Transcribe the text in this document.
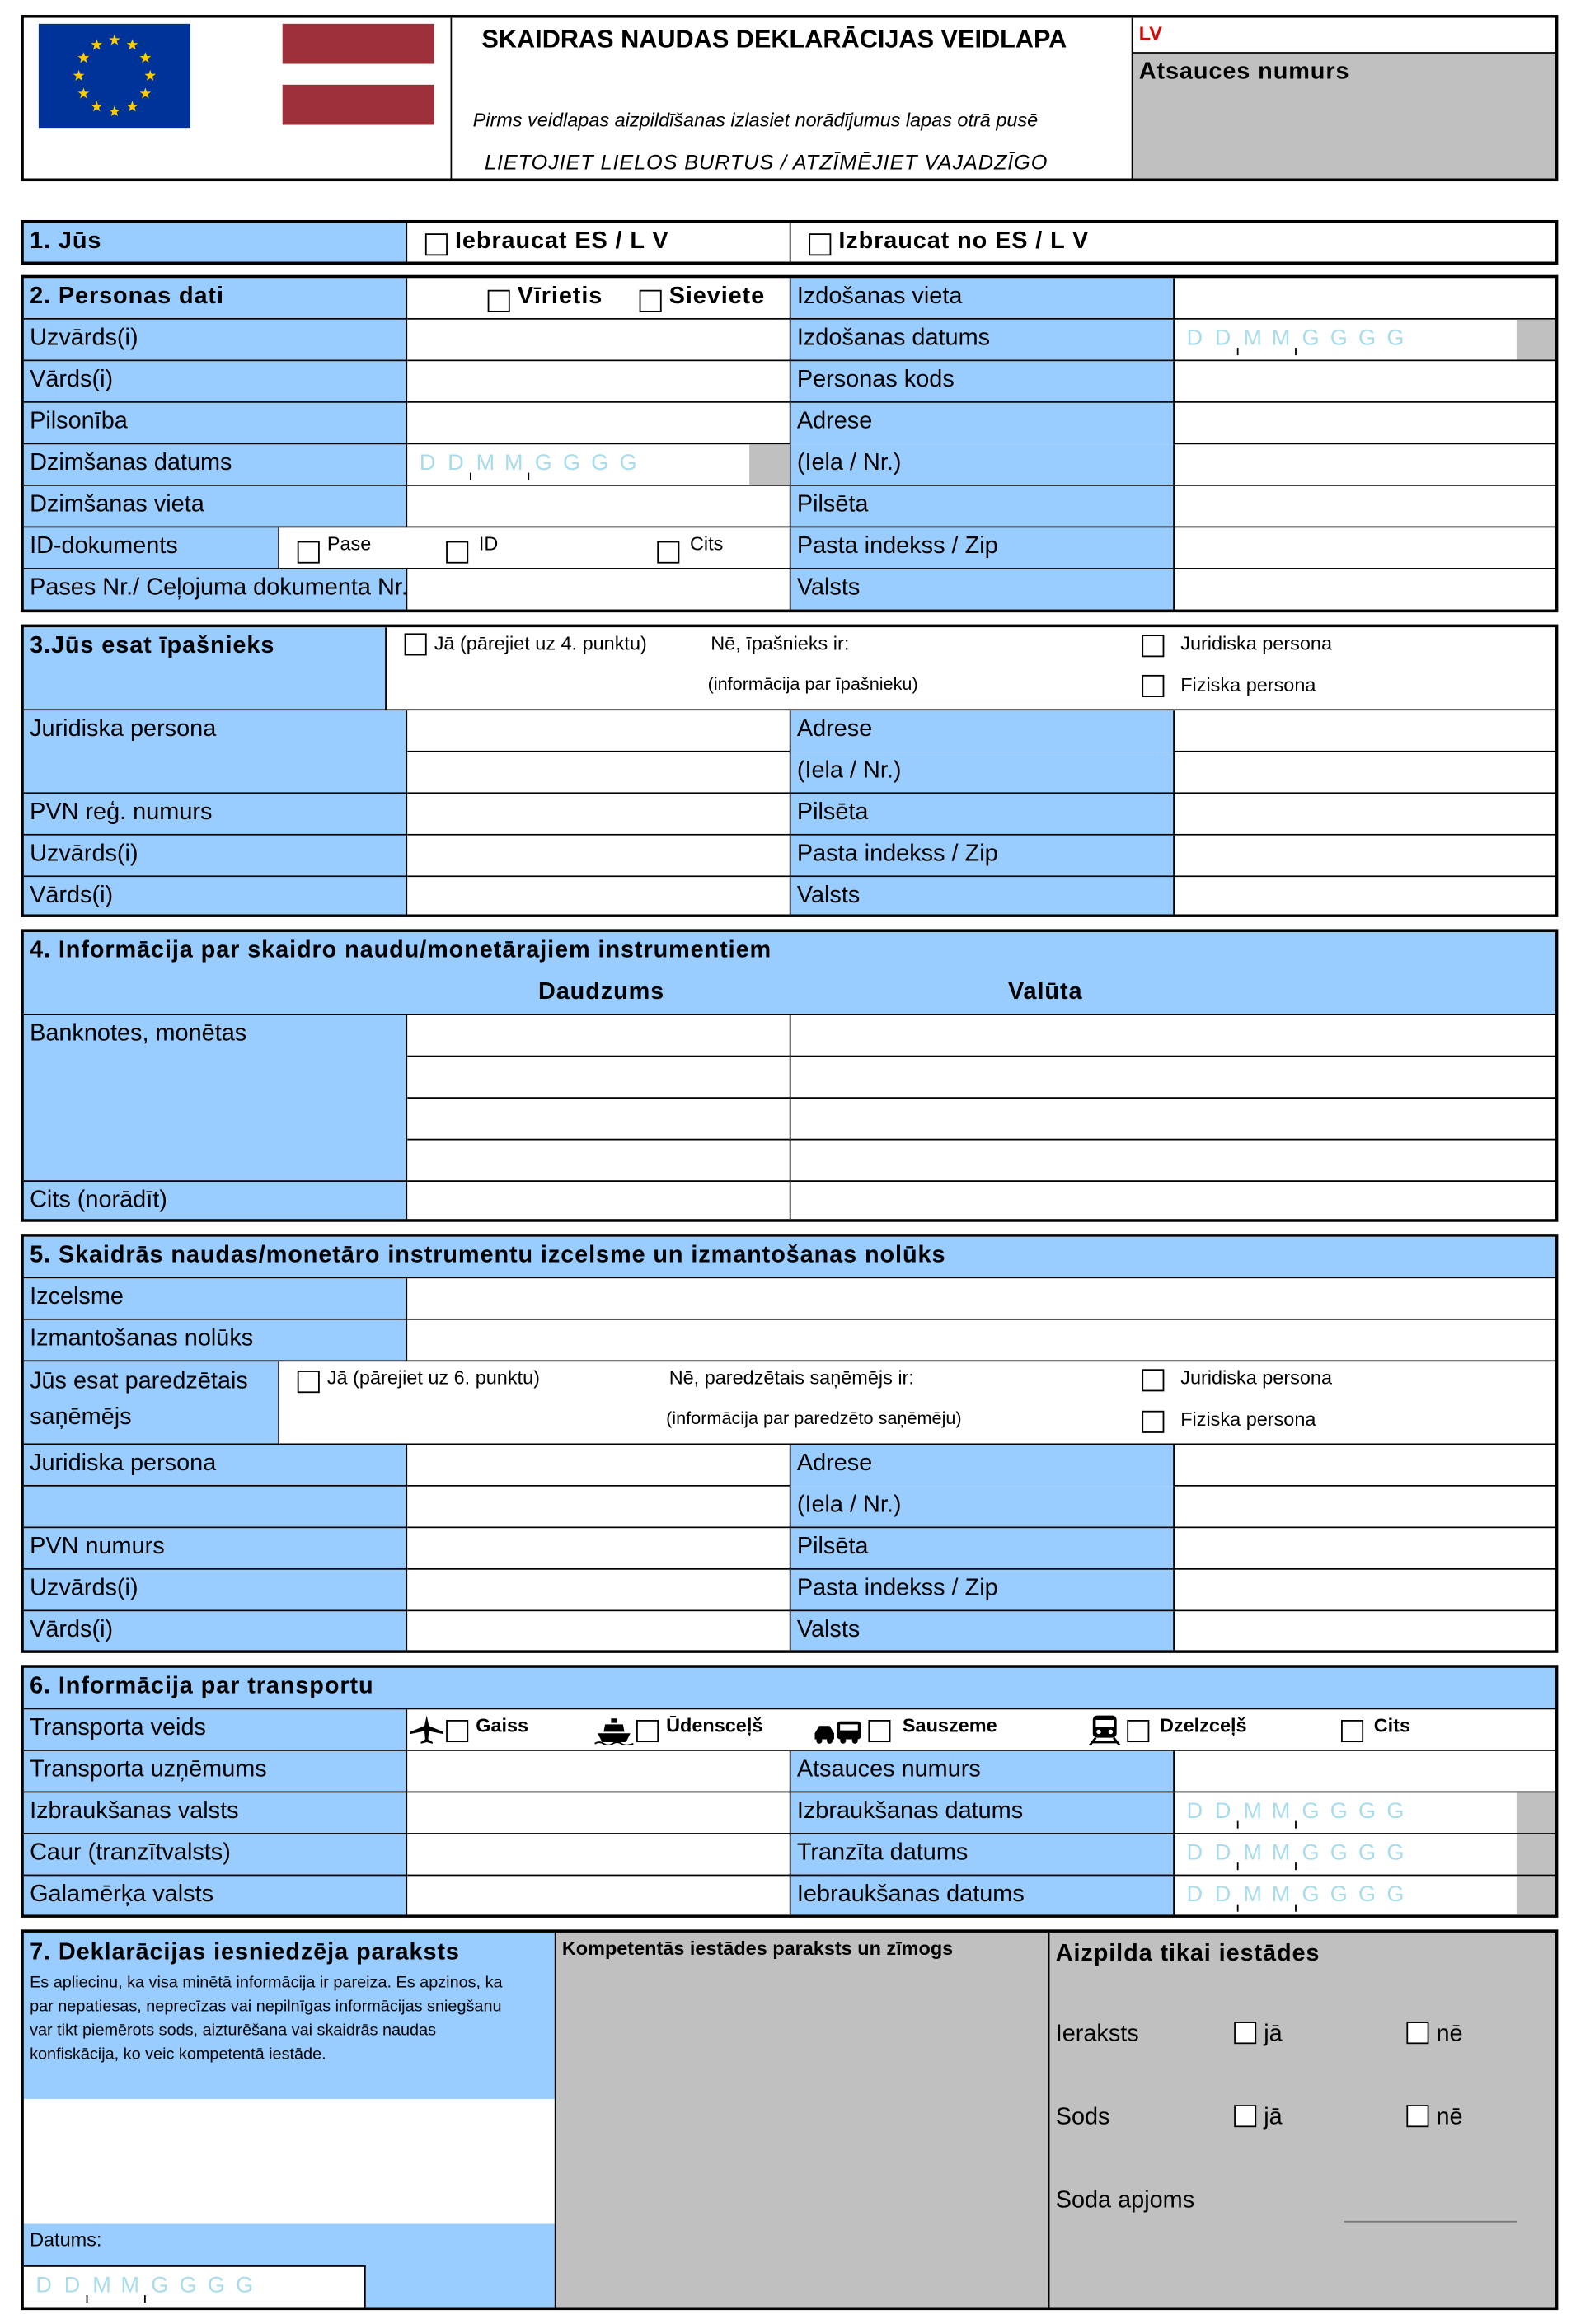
SKAIDRAS NAUDAS DEKLARĀCIJAS VEIDLAPA
Pirms veidlapas aizpildīšanas izlasiet norādījumus lapas otrā pusē
LIETOJIET LIELOS BURTUS / ATZĪMĒJIET VAJADZĪGO
LV
Atsauces numurs
1. Jūs	Iebraucat ES / L V	Izbraucat no ES / L V
2. Personas dati	Vīrietis	Sieviete
Uzvārds(i)
Vārds(i)
Pilsonība
Dzimšanas datums	D D	M M G G G G
Dzimšanas vieta
ID-dokuments	Pase	ID	Cits
Pases Nr./ Ceļojuma dokumenta Nr.
Izdošanas vieta
Izdošanas datums	D D	M M G G G G
Personas kods
Adrese
(Iela / Nr.)
Pilsēta
Pasta indekss / Zip
Valsts
3.Jūs esat īpašnieks	Jā (pārejiet uz 4. punktu)	Nē, īpašnieks ir:
(informācija par īpašnieku)
Juridiska persona
Fiziska persona
Juridiska persona
PVN reģ. numurs
Uzvārds(i)
Vārds(i)
Adrese
(Iela / Nr.)
Pilsēta
Pasta indekss / Zip
Valsts
4. Informācija par skaidro naudu/monetārajiem instrumentiem
Daudzums	Valūta
Banknotes, monētas
Cits (norādīt)
5. Skaidrās naudas/monetāro instrumentu izcelsme un izmantošanas nolūks
Izcelsme
Izmantošanas nolūks
Jūs esat paredzētais
saņēmējs
Jā (pārejiet uz 6. punktu)	Nē, paredzētais saņēmējs ir:
(informācija par paredzēto saņēmēju)
Juridiska persona
Fiziska persona
Juridiska persona
PVN numurs
Uzvārds(i)
Vārds(i)
Adrese
(Iela / Nr.)
Pilsēta
Pasta indekss / Zip
Valsts
6. Informācija par transportu
Transporta veids	Gaiss	Ūdensceļš	Sauszeme	Dzelzceļš	Cits
Transporta uzņēmums
Izbraukšanas valsts
Caur (tranzītvalsts)
Galamērķa valsts
Atsauces numurs
Izbraukšanas datums	D D	M M G G G G
Tranzīta datums	D D	M M G G G G
Iebraukšanas datums	D D	M M G G G G
7. Deklarācijas iesniedzēja paraksts
Es apliecinu, ka visa minētā informācija ir pareiza. Es apzinos, ka
par nepatiesas, neprecīzas vai nepilnīgas informācijas sniegšanu
var tikt piemērots sods, aizturēšana vai skaidrās naudas
konfiskācija, ko veic kompetentā iestāde.
Datums:
D D	M M G G G G
Kompetentās iestādes paraksts un zīmogs	Aizpilda tikai iestādes
Ieraksts	jā	nē
Sods	jā	nē
Soda apjoms
